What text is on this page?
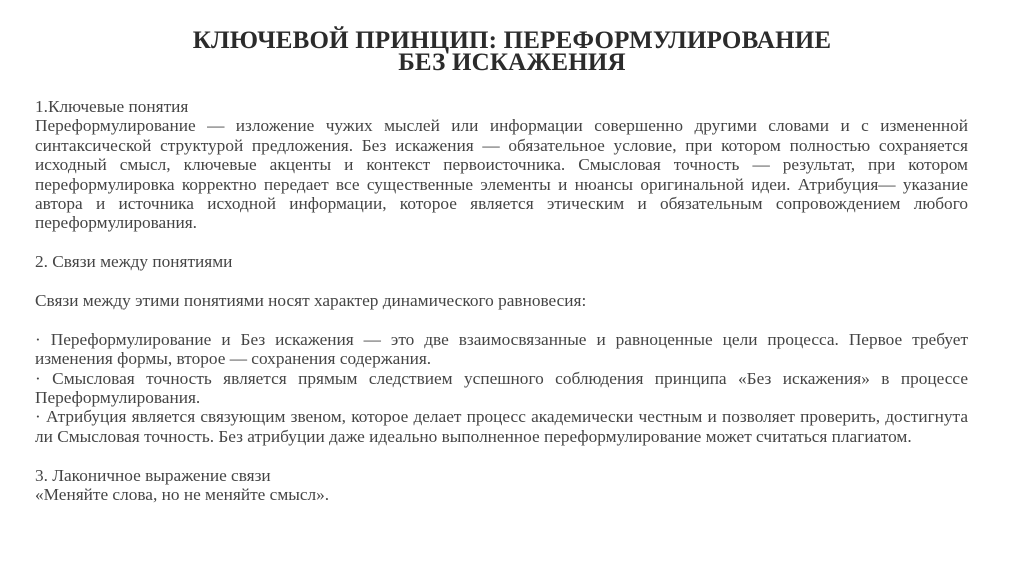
КЛЮЧЕВОЙ ПРИНЦИП: ПЕРЕФОРМУЛИРОВАНИЕ
БЕЗ ИСКАЖЕНИЯ

1.Ключевые понятия

Переформулирование — изложение чужих мыслей или информации совершенно другими словами и с измененной синтаксической структурой предложения. Без искажения — обязательное условие, при котором полностью сохраняется исходный смысл, ключевые акценты и контекст первоисточника. Смысловая точность — результат, при котором переформулировка корректно передает все существенные элементы и нюансы оригинальной идеи. Атрибуция— указание автора и источника исходной информации, которое является этическим и обязательным сопровождением любого переформулирования.

2. Связи между понятиями

Связи между этими понятиями носят характер динамического равновесия:

· Переформулирование и Без искажения — это две взаимосвязанные и равноценные цели процесса. Первое требует изменения формы, второе — сохранения содержания.

· Смысловая точность является прямым следствием успешного соблюдения принципа «Без искажения» в процессе Переформулирования.

· Атрибуция является связующим звеном, которое делает процесс академически честным и позволяет проверить, достигнута ли Смысловая точность. Без атрибуции даже идеально выполненное переформулирование может считаться плагиатом.

3. Лаконичное выражение связи

«Меняйте слова, но не меняйте смысл».
